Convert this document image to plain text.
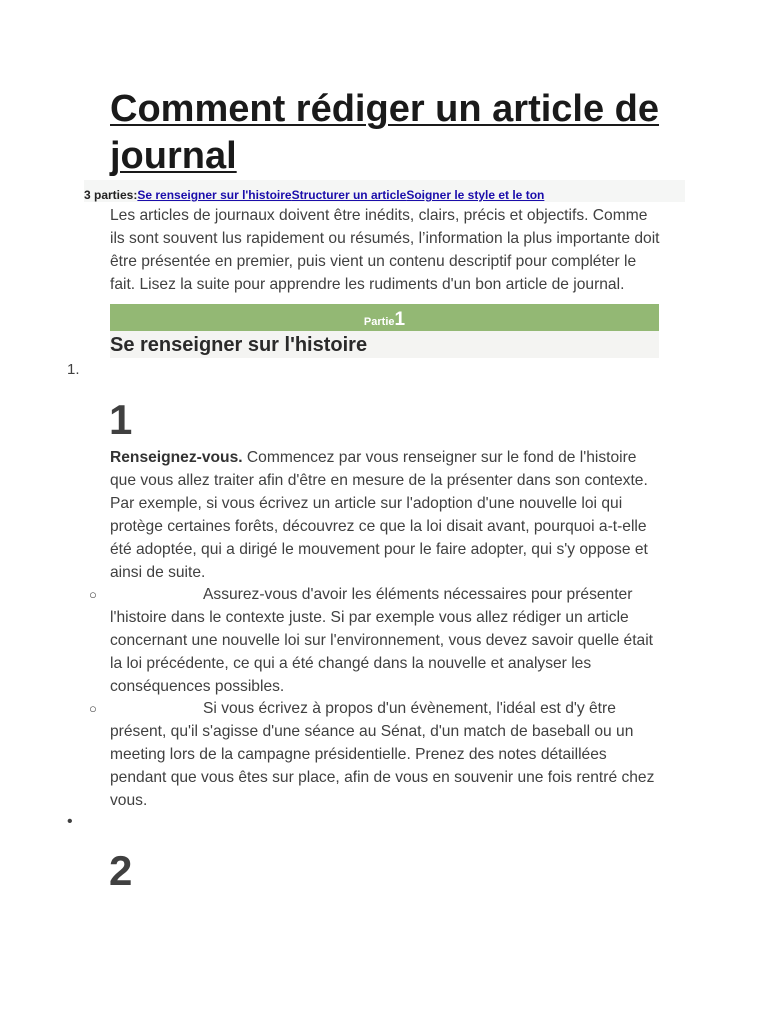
Comment rédiger un article de journal
3 parties:Se renseigner sur l'histoireStructurer un articleSoigner le style et le ton

Les articles de journaux doivent être inédits, clairs, précis et objectifs. Comme ils sont souvent lus rapidement ou résumés, l’information la plus importante doit être présentée en premier, puis vient un contenu descriptif pour compléter le fait. Lisez la suite pour apprendre les rudiments d'un bon article de journal.

Partie1
Se renseigner sur l'histoire
1.
1

Renseignez-vous. Commencez par vous renseigner sur le fond de l'histoire que vous allez traiter afin d'être en mesure de la présenter dans son contexte. Par exemple, si vous écrivez un article sur l'adoption d'une nouvelle loi qui protège certaines forêts, découvrez ce que la loi disait avant, pourquoi a-t-elle été adoptée, qui a dirigé le mouvement pour le faire adopter, qui s'y oppose et ainsi de suite.

○	Assurez-vous d'avoir les éléments nécessaires pour présenter l'histoire dans le contexte juste. Si par exemple vous allez rédiger un article concernant une nouvelle loi sur l'environnement, vous devez savoir quelle était la loi précédente, ce qui a été changé dans la nouvelle et analyser les conséquences possibles.

○	Si vous écrivez à propos d'un évènement, l'idéal est d'y être présent, qu'il s'agisse d'une séance au Sénat, d'un match de baseball ou un meeting lors de la campagne présidentielle. Prenez des notes détaillées pendant que vous êtes sur place, afin de vous en souvenir une fois rentré chez vous.

•
2
